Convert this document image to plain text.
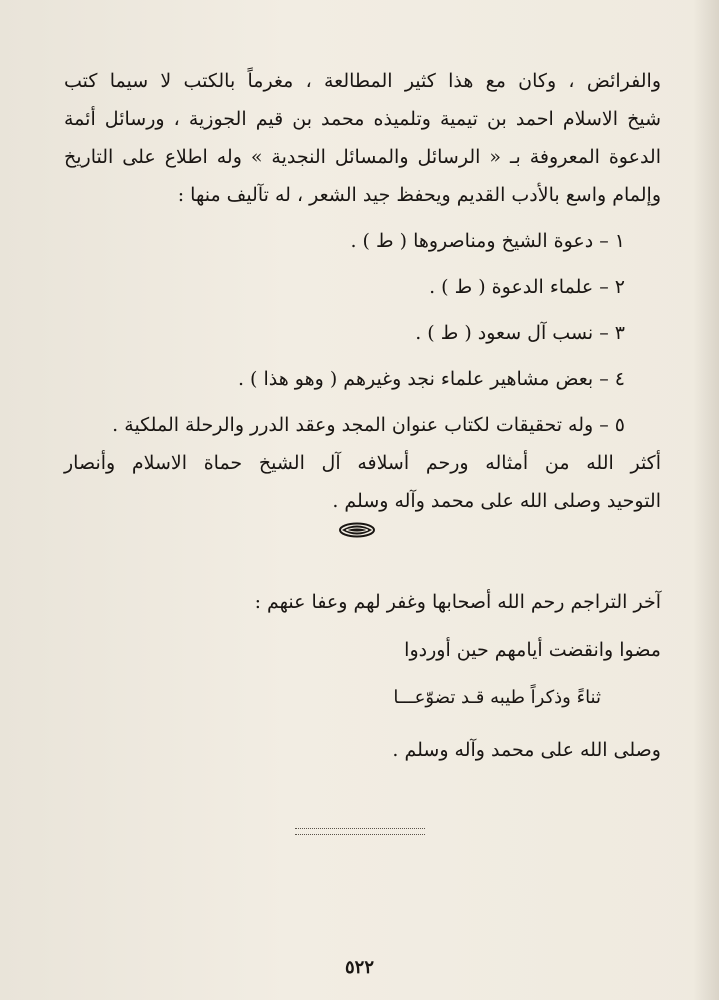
والفرائض ، وكان مع هذا كثير المطالعة ، مغرماً بالكتب لا سيما كتب
شيخ الاسلام احمد بن تيمية وتلميذه محمد بن قيم الجوزية ، ورسائل أئمة
الدعوة المعروفة بـ « الرسائل والمسائل النجدية » وله اطلاع على التاريخ
وإلمام واسع بالأدب القديم ويحفظ جيد الشعر ، له تآليف منها :
١ – دعوة الشيخ ومناصروها ( ط ) .
٢ – علماء الدعوة ( ط ) .
٣ – نسب آل سعود ( ط ) .
٤ – بعض مشاهير علماء نجد وغيرهم ( وهو هذا ) .
٥ – وله تحقيقات لكتاب عنوان المجد وعقد الدرر والرحلة الملكية .
أكثر الله من أمثاله ورحم أسلافه آل الشيخ حماة الاسلام وأنصار
التوحيد وصلى الله على محمد وآله وسلم .
آخر التراجم رحم الله أصحابها وغفر لهم وعفا عنهم :
مضوا وانقضت أيامهم حين أوردوا
ثناءً وذكراً طيبه قـد تضوّعـــا
وصلى الله على محمد وآله وسلم .
٥٢٢
